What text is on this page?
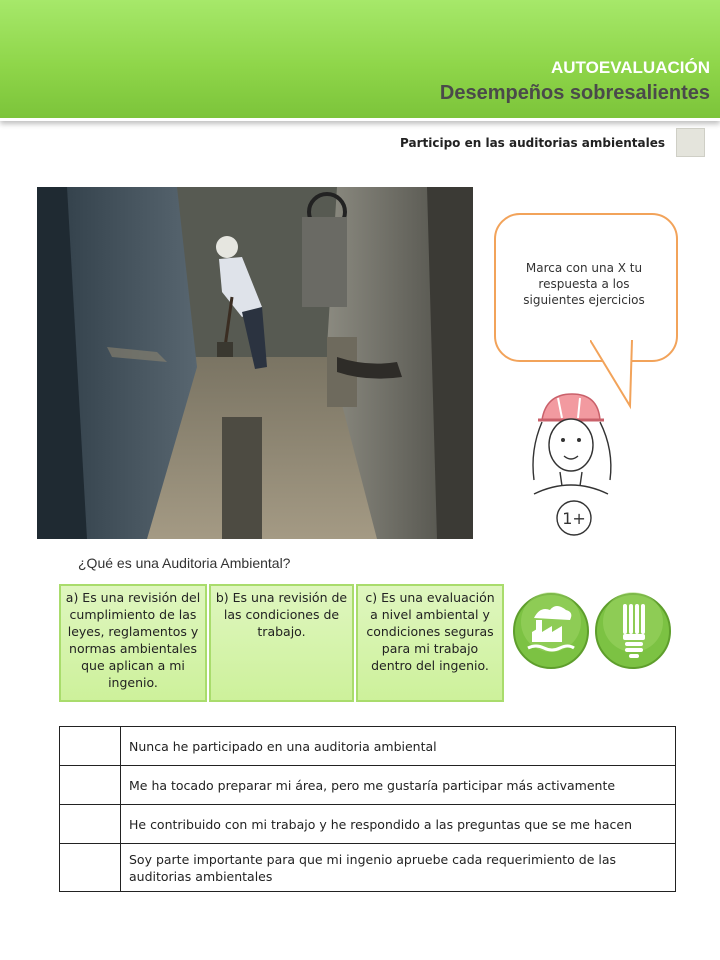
AUTOEVALUACIÓN
Desempeños sobresalientes
Participo en las auditorias ambientales
Marca con una X tu respuesta a los siguientes ejercicios
1+
¿Qué es una Auditoria Ambiental?
a) Es una revisión del cumplimiento de las leyes, reglamentos y normas ambientales que aplican a mi ingenio.
b) Es una revisión de las condiciones de trabajo.
c) Es una evaluación a nivel ambiental y condiciones seguras para mi trabajo dentro del ingenio.
	Nunca he participado en una auditoria ambiental
	Me ha tocado preparar mi área, pero me gustaría participar más activamente
	He contribuido con mi trabajo y he respondido a las preguntas que se me hacen
	Soy parte importante para que mi ingenio apruebe cada requerimiento de las auditorias ambientales
